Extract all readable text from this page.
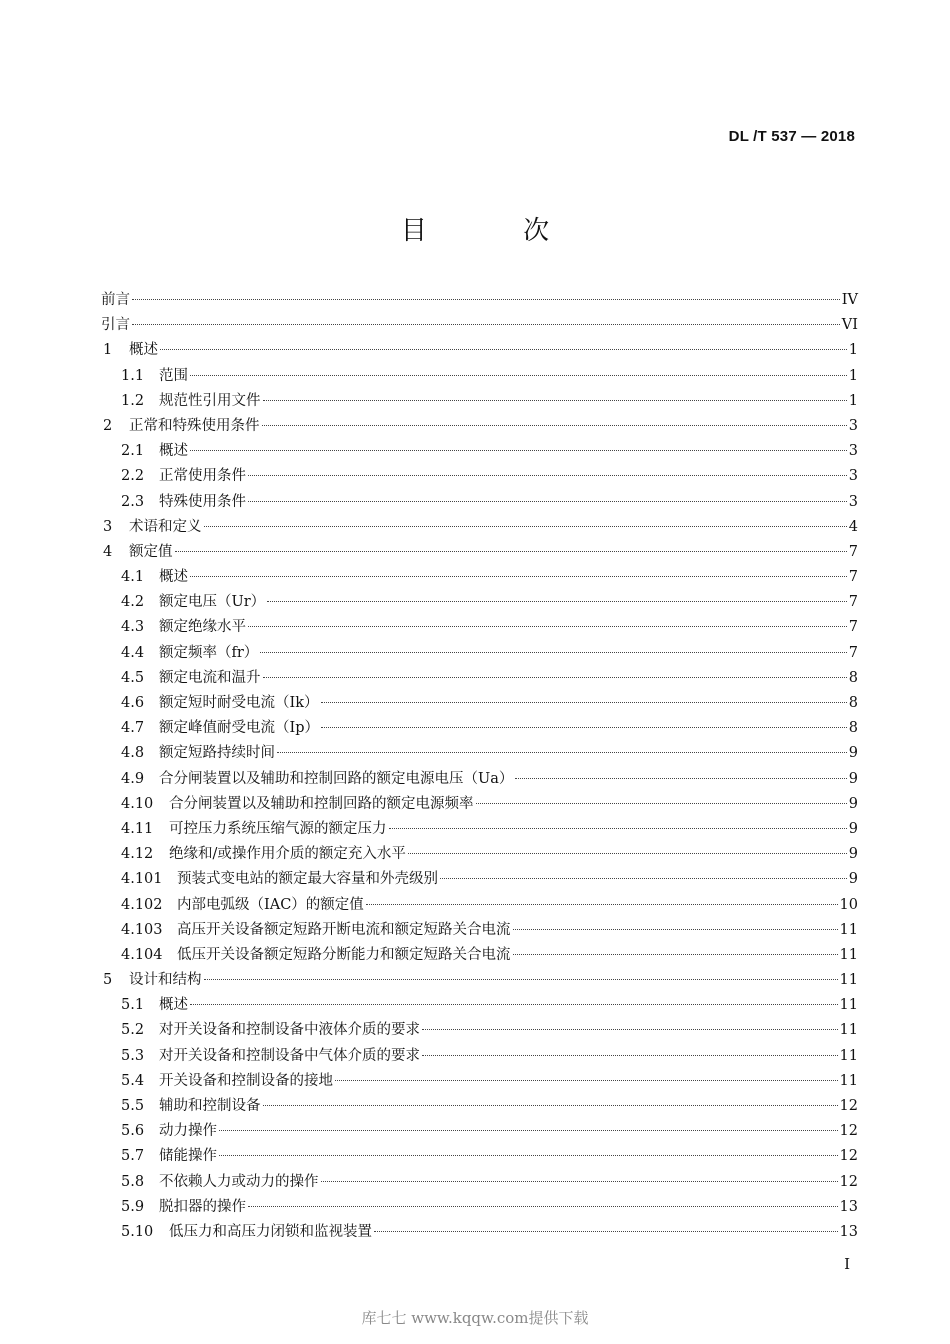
DL /T 537 — 2018
目 次
前言	IV
引言	VI
1	概述	1
1.1	范围	1
1.2	规范性引用文件	1
2	正常和特殊使用条件	3
2.1	概述	3
2.2	正常使用条件	3
2.3	特殊使用条件	3
3	术语和定义	4
4	额定值	7
4.1	概述	7
4.2	额定电压（Ur）	7
4.3	额定绝缘水平	7
4.4	额定频率（fr）	7
4.5	额定电流和温升	8
4.6	额定短时耐受电流（Ik）	8
4.7	额定峰值耐受电流（Ip）	8
4.8	额定短路持续时间	9
4.9	合分闸装置以及辅助和控制回路的额定电源电压（Ua）	9
4.10	合分闸装置以及辅助和控制回路的额定电源频率	9
4.11	可控压力系统压缩气源的额定压力	9
4.12	绝缘和/或操作用介质的额定充入水平	9
4.101 预装式变电站的额定最大容量和外壳级别	9
4.102 内部电弧级（IAC）的额定值	10
4.103 高压开关设备额定短路开断电流和额定短路关合电流	11
4.104 低压开关设备额定短路分断能力和额定短路关合电流	11
5	设计和结构	11
5.1	概述	11
5.2	对开关设备和控制设备中液体介质的要求	11
5.3	对开关设备和控制设备中气体介质的要求	11
5.4	开关设备和控制设备的接地	11
5.5	辅助和控制设备	12
5.6	动力操作	12
5.7	储能操作	12
5.8	不依赖人力或动力的操作	12
5.9	脱扣器的操作	13
5.10	低压力和高压力闭锁和监视装置	13
I
库七七 www.kqqw.com提供下载
